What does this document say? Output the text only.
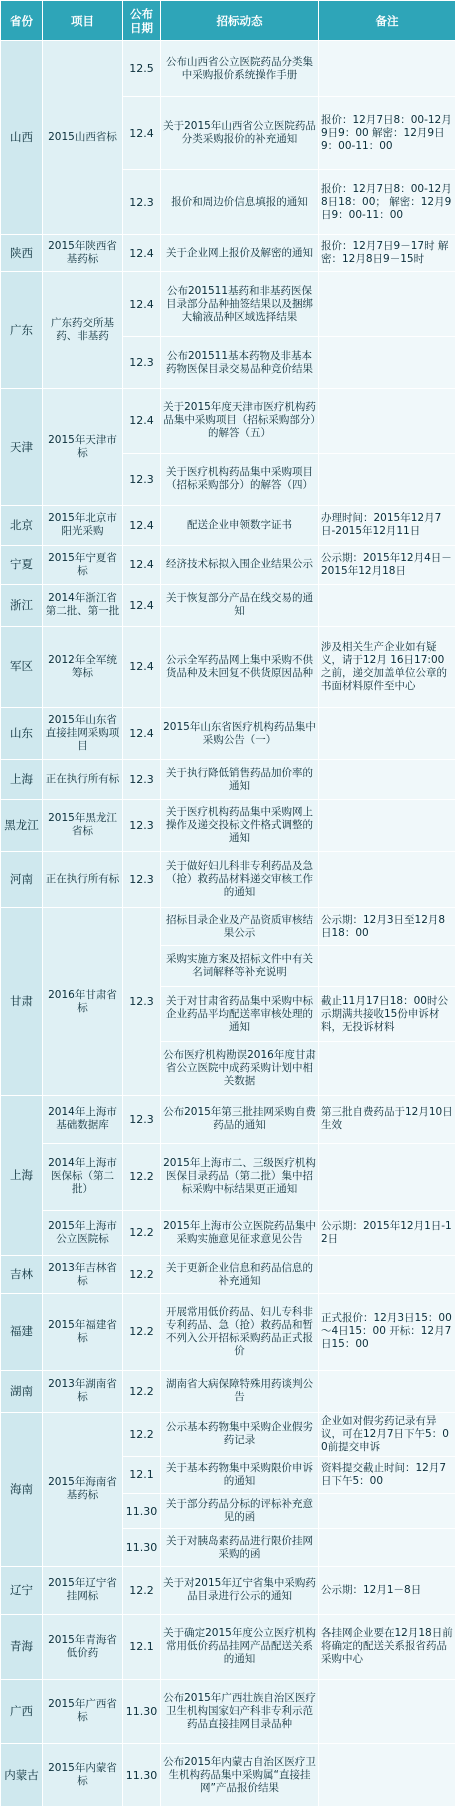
省份	项目	公布日期	招标动态	备注
山西	2015山西省标	12.5	公布山西省公立医院药品分类集中采购报价系统操作手册	
		12.4	关于2015年山西省公立医院药品分类采购报价的补充通知	报价：12月7日8：00-12月9日9：00 解密：12月9日9：00-11：00
		12.3	报价和周边价信息填报的通知	报价：12月7日8：00-12月 8日18：00； 解密：12月9日9：00-11：00
陕西	2015年陕西省基药标	12.4	关于企业网上报价及解密的通知	报价：12月7日9－17时 解密：12月8日9－15时
广东	广东药交所基药、非基药	12.4	公布201511基药和非基药医保目录部分品种抽签结果以及捆绑大输液品种区域选择结果	
		12.3	公布201511基本药物及非基本药物医保目录交易品种竞价结果	
天津	2015年天津市标	12.4	关于2015年度天津市医疗机构药品集中采购项目（招标采购部分）的解答（五）	
		12.3	关于医疗机构药品集中采购项目（招标采购部分）的解答（四）	
北京	2015年北京市阳光采购	12.4	配送企业申领数字证书	办理时间：2015年12月7日-2015年12月11日
宁夏	2015年宁夏省标	12.4	经济技术标拟入围企业结果公示	公示期：2015年12月4日－2015年12月18日
浙江	2014年浙江省第二批、第一批	12.4	关于恢复部分产品在线交易的通知	
军区	2012年全军统筹标	12.4	公示全军药品网上集中采购不供货品种及未回复不供货原因品种	涉及相关生产企业如有疑义，请于12月 16日17:00之前，递交加盖单位公章的书面材料原件至中心
山东	2015年山东省直接挂网采购项目	12.4	2015年山东省医疗机构药品集中采购公告（一）	
上海	正在执行所有标	12.3	关于执行降低销售药品加价率的通知	
黑龙江	2015年黑龙江省标	12.3	关于医疗机构药品集中采购网上操作及递交投标文件格式调整的通知	
河南	正在执行所有标	12.3	关于做好妇儿科非专利药品及急（抢）救药品材料递交审核工作的通知	
甘肃	2016年甘肃省标	12.3	招标目录企业及产品资质审核结果公示	公示期：12月3日至12月8日18：00
			采购实施方案及招标文件中有关名词解释等补充说明	
			关于对甘肃省药品集中采购中标企业药品平均配送率审核处理的通知	截止11月17日18：00时公示期满共接收15份申诉材料，无投诉材料
			公布医疗机构勘误2016年度甘肃省公立医院中成药采购计划中相关数据	
上海	2014年上海市基础数据库	12.3	公布2015年第三批挂网采购自费药品的通知	第三批自费药品于12月10日生效
	2014年上海市医保标（第二批）	12.2	2015年上海市二、三级医疗机构医保目录药品（第二批）集中招标采购中标结果更正通知	
	2015年上海市公立医院标	12.2	2015年上海市公立医院药品集中采购实施意见征求意见公告	公示期：2015年12月1日-12日
吉林	2013年吉林省标	12.2	关于更新企业信息和药品信息的补充通知	
福建	2015年福建省标	12.2	开展常用低价药品、妇儿专科非专利药品、急（抢）救药品和暂不列入公开招标采购药品正式报价	正式报价：12月3日15：00～4日15：00 开标：12月7日15：00
湖南	2013年湖南省标	12.2	湖南省大病保障特殊用药谈判公告	
海南	2015年海南省基药标	12.2	公示基本药物集中采购企业假劣药记录	企业如对假劣药记录有异议，可在12月7日下午5：00前提交申诉
		12.1	关于基本药物集中采购限价申诉的通知	资料提交截止时间：12月7日下午5：00
		11.30	关于部分药品分标的评标补充意见的函	
		11.30	关于对胰岛素药品进行限价挂网采购的函	
辽宁	2015年辽宁省挂网标	12.2	关于对2015年辽宁省集中采购药品目录进行公示的通知	公示期：12月1－8日
青海	2015年青海省低价药	12.1	关于确定2015年度公立医疗机构常用低价药品挂网产品配送关系的通知	各挂网企业要在12月18日前将确定的配送关系报省药品采购中心
广西	2015年广西省标	11.30	公布2015年广西壮族自治区医疗卫生机构国家妇产科非专利示范药品直接挂网目录品种	
内蒙古	2015年内蒙省标	11.30	公布2015年内蒙古自治区医疗卫生机构药品集中采购属“直接挂网”产品报价结果	
